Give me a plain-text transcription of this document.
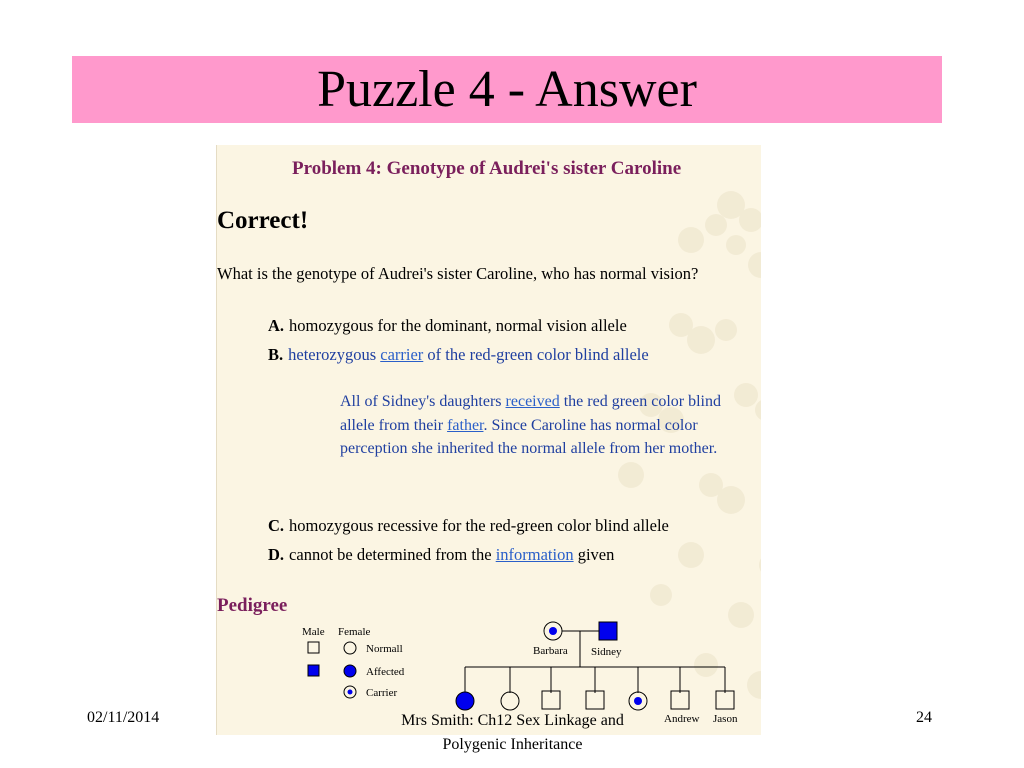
Puzzle 4 - Answer
Problem 4: Genotype of Audrei's sister Caroline
Correct!
What is the genotype of Audrei's sister Caroline, who has normal vision?
A. homozygous for the dominant, normal vision allele
B. heterozygous carrier of the red-green color blind allele
All of Sidney's daughters received the red green color blind allele from their father. Since Caroline has normal color perception she inherited the normal allele from her mother.
C. homozygous recessive for the red-green color blind allele
D. cannot be determined from the information given
Pedigree
Male Female
Normall
Affected
Carrier
Barbara Sidney
Andrew Jason
02/11/2014	Mrs Smith: Ch12 Sex Linkage and
Polygenic Inheritance
24
